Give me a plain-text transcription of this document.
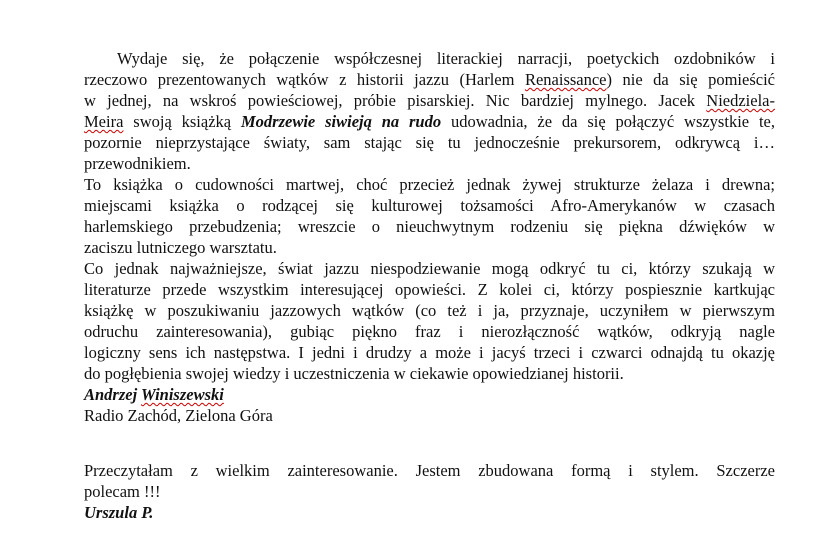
Wydaje się, że połączenie współczesnej literackiej narracji, poetyckich ozdobników i
rzeczowo prezentowanych wątków z historii jazzu (Harlem Renaissance) nie da się pomieścić
w jednej, na wskroś powieściowej, próbie pisarskiej. Nic bardziej mylnego. Jacek Niedziela-
Meira swoją książką Modrzewie siwieją na rudo udowadnia, że da się połączyć wszystkie te,
pozornie nieprzystające światy, sam stając się tu jednocześnie prekursorem, odkrywcą i…
przewodnikiem.
To książka o cudowności martwej, choć przecież jednak żywej strukturze żelaza i drewna;
miejscami książka o rodzącej się kulturowej tożsamości Afro-Amerykanów w czasach
harlemskiego przebudzenia; wreszcie o nieuchwytnym rodzeniu się piękna dźwięków w
zaciszu lutniczego warsztatu.
Co jednak najważniejsze, świat jazzu niespodziewanie mogą odkryć tu ci, którzy szukają w
literaturze przede wszystkim interesującej opowieści. Z kolei ci, którzy pospiesznie kartkując
książkę w poszukiwaniu jazzowych wątków (co też i ja, przyznaje, uczyniłem w pierwszym
odruchu zainteresowania), gubiąc piękno fraz i nierozłączność wątków, odkryją nagle
logiczny sens ich następstwa. I jedni i drudzy a może i jacyś trzeci i czwarci odnajdą tu okazję
do pogłębienia swojej wiedzy i uczestniczenia w ciekawie opowiedzianej historii.
Andrzej Winiszewski
Radio Zachód, Zielona Góra
Przeczytałam z wielkim zainteresowanie. Jestem zbudowana formą i stylem. Szczerze
polecam !!!
Urszula P.
